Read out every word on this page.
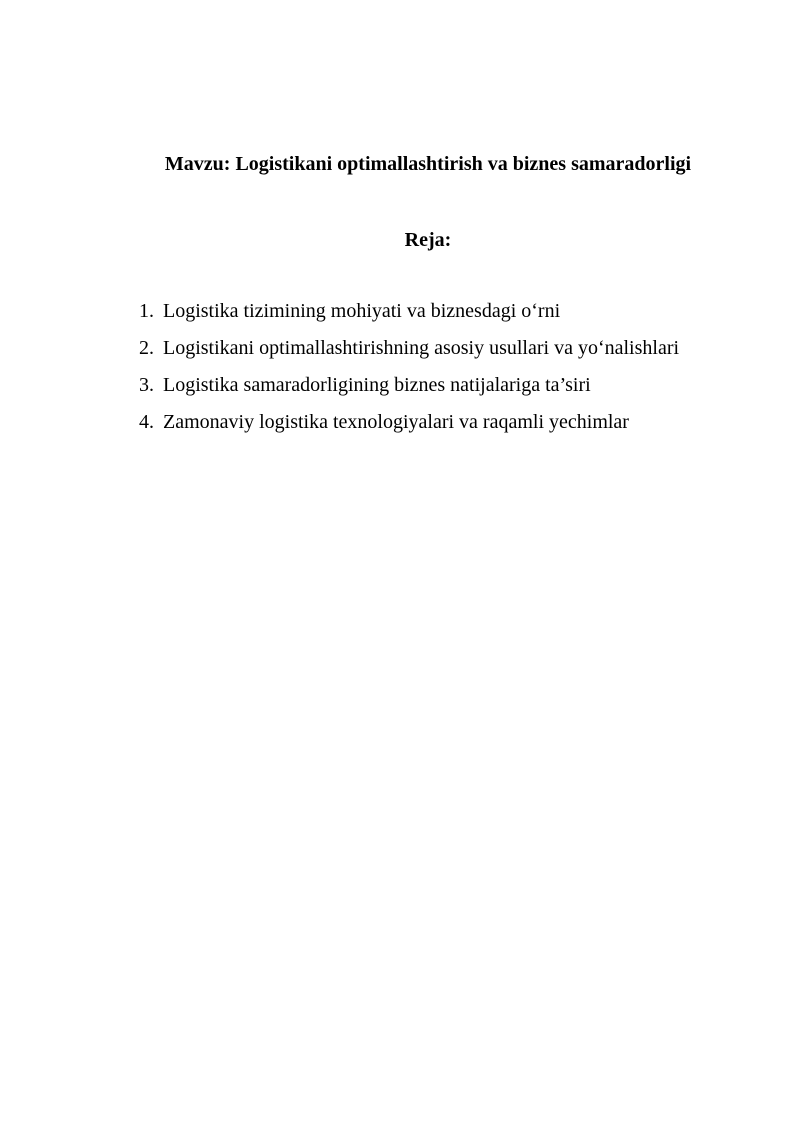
Mavzu: Logistikani optimallashtirish va biznes samaradorligi
Reja:
1. Logistika tizimining mohiyati va biznesdagi o‘rni
2. Logistikani optimallashtirishning asosiy usullari va yo‘nalishlari
3. Logistika samaradorligining biznes natijalariga ta’siri
4. Zamonaviy logistika texnologiyalari va raqamli yechimlar
